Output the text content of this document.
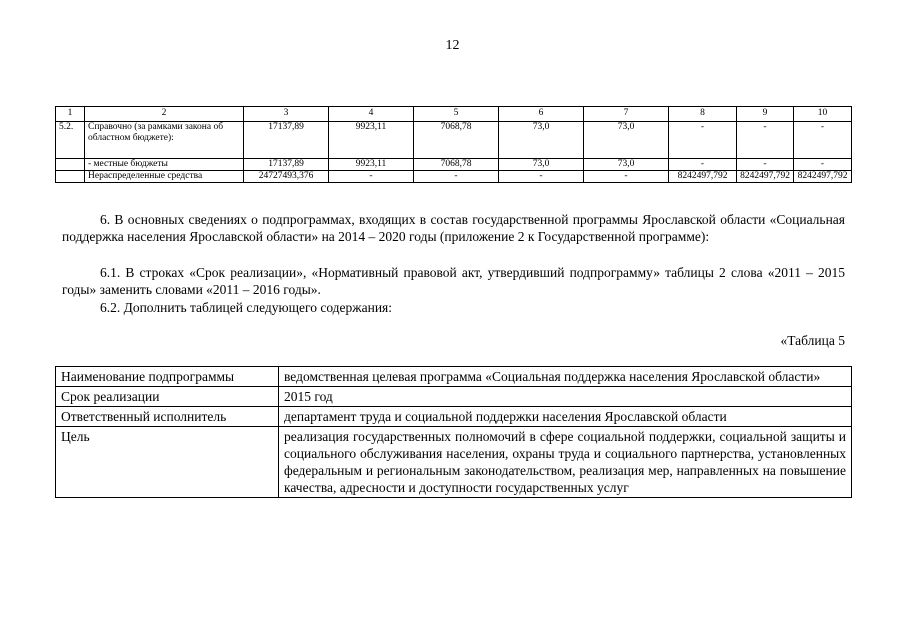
12
1	2	3	4	5	6	7	8	9	10
5.2.	Справочно (за рамками закона об областном бюджете):	17137,89	9923,11	7068,78	73,0	73,0	-	-	-
	- местные бюджеты	17137,89	9923,11	7068,78	73,0	73,0	-	-	-
	Нераспределенные средства	24727493,376	-	-	-	-	8242497,792	8242497,792	8242497,792
6. В основных сведениях о подпрограммах, входящих в состав государственной программы Ярославской области «Социальная поддержка населения Ярославской области» на 2014 – 2020 годы (приложение 2 к Государственной программе):
6.1. В строках «Срок реализации», «Нормативный правовой акт, утвердивший подпрограмму» таблицы 2 слова «2011 – 2015 годы» заменить словами «2011 – 2016 годы».
6.2. Дополнить таблицей следующего содержания:
«Таблица 5
Наименование подпрограммы	ведомственная целевая программа «Социальная поддержка населения Ярославской области»
Срок реализации	2015 год
Ответственный исполнитель	департамент труда и социальной поддержки населения Ярославской области
Цель	реализация государственных полномочий в сфере социальной поддержки, социальной защиты и социального обслуживания населения, охраны труда и социального партнерства, установленных федеральным и региональным законодательством, реализация мер, направленных на повышение качества, адресности и доступности государственных услуг
